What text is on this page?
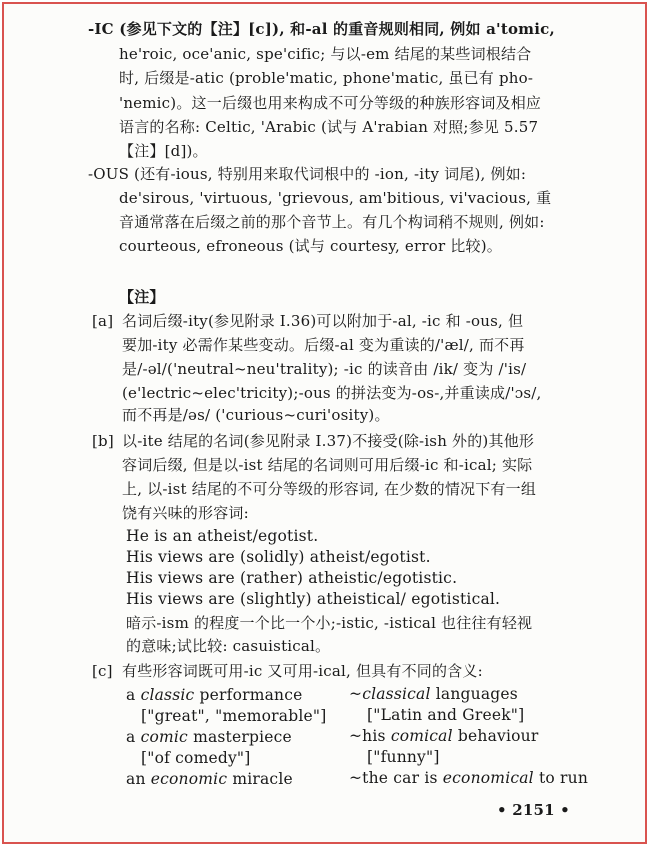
-IC (参见下文的【注】[c]), 和-al 的重音规则相同, 例如 a'tomic,
he'roic, oce'anic, spe'cific; 与以-em 结尾的某些词根结合
时, 后缀是-atic (proble'matic, phone'matic, 虽已有 pho-
'nemic)。这一后缀也用来构成不可分等级的种族形容词及相应
语言的名称: Celtic, 'Arabic (试与 A'rabian 对照;参见 5.57
【注】[d])。
-OUS (还有-ious, 特别用来取代词根中的 -ion, -ity 词尾), 例如:
de'sirous, 'virtuous, 'grievous, am'bitious, vi'vacious, 重
音通常落在后缀之前的那个音节上。有几个构词稍不规则, 例如:
courteous, efroneous (试与 courtesy, error 比较)。
【注】
[a] 名词后缀-ity(参见附录 Ⅰ.36)可以附加于-al, -ic 和 -ous, 但
要加-ity 必需作某些变动。后缀-al 变为重读的/'æl/, 而不再
是/-əl/('neutral~neu'trality); -ic 的读音由 /ik/ 变为 /'is/
(e'lectric~elec'tricity);-ous 的拼法变为-os-,并重读成/'ɔs/,
而不再是/əs/ ('curious~curi'osity)。
[b] 以-ite 结尾的名词(参见附录 Ⅰ.37)不接受(除-ish 外的)其他形
容词后缀, 但是以-ist 结尾的名词则可用后缀-ic 和-ical; 实际
上, 以-ist 结尾的不可分等级的形容词, 在少数的情况下有一组
饶有兴味的形容词:
He is an atheist/egotist.
His views are (solidly) atheist/egotist.
His views are (rather) atheistic/egotistic.
His views are (slightly) atheistical/ egotistical.
暗示-ism 的程度一个比一个小;-istic, -istical 也往往有轻视
的意味;试比较: casuistical。
[c] 有些形容词既可用-ic 又可用-ical, 但具有不同的含义:
a classic performance	~classical languages
["great", "memorable"]	["Latin and Greek"]
a comic masterpiece	~his comical behaviour
["of comedy"]	["funny"]
an economic miracle	~the car is economical to run
• 2151 •
